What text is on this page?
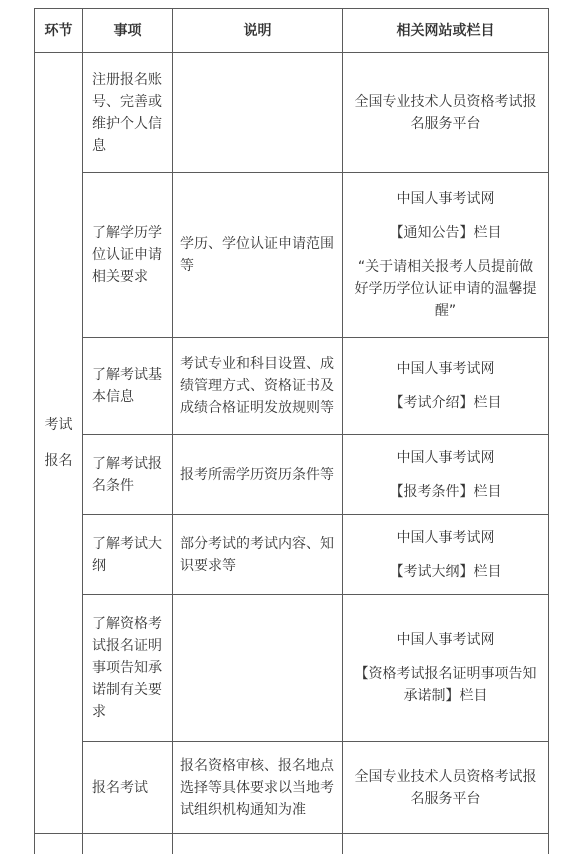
环节	事项	说明	相关网站或栏目
考试报名	注册报名账号、完善或维护个人信息		全国专业技术人员资格考试报名服务平台

	了解学历学位认证申请相关要求	学历、学位认证申请范围等	中国人事考试网

【通知公告】栏目

“关于请相关报考人员提前做好学历学位认证申请的温馨提醒”

	了解考试基本信息	考试专业和科目设置、成绩管理方式、资格证书及成绩合格证明发放规则等	中国人事考试网

【考试介绍】栏目

	了解考试报名条件	报考所需学历资历条件等	中国人事考试网

【报考条件】栏目

	了解考试大纲	部分考试的考试内容、知识要求等	中国人事考试网

【考试大纲】栏目

	了解资格考试报名证明事项告知承诺制有关要求		中国人事考试网

【资格考试报名证明事项告知承诺制】栏目

	报名考试	报名资格审核、报名地点选择等具体要求以当地考试组织机构通知为准	全国专业技术人员资格考试报名服务平台
